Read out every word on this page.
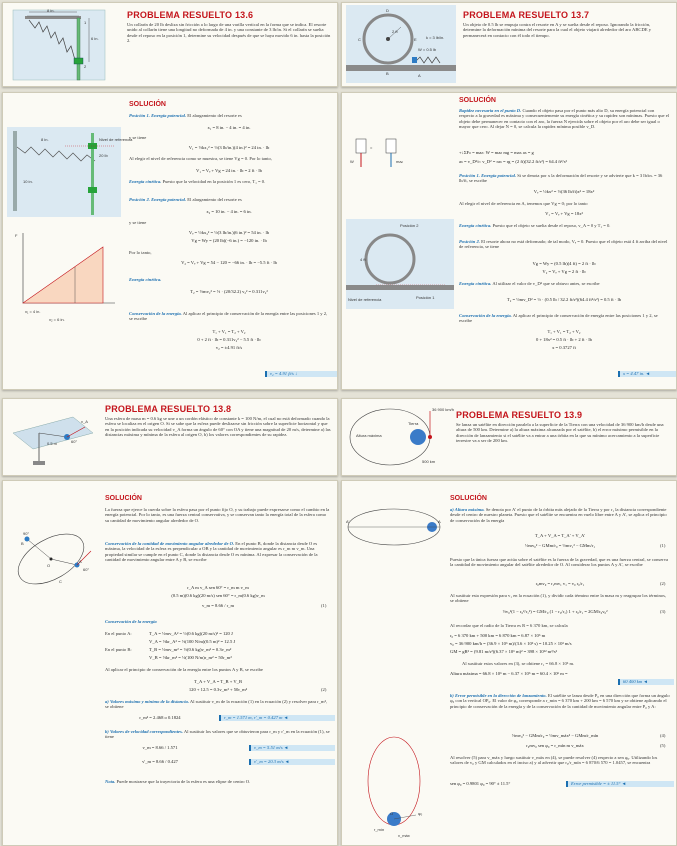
8 in.
6 in.
1
2
PROBLEMA RESUELTO 13.6
Un collarín de 20 lb desliza sin fricción a lo largo de una varilla vertical en la forma que se indica. El resorte unido al collarín tiene una longitud no deformada de 4 in. y una constante de 3 lb/in. Si el collarín se suelta desde el reposo en la posición 1, determine su velocidad después de que se haya movido 6 in. hasta la posición 2.
2 ft
k = 3 lb/in.
W = 0.5 lb
D
C
B
E
A
PROBLEMA RESUELTO 13.7
Un objeto de 0.5 lb se empuja contra el resorte en A y se suelta desde el reposo. Ignorando la fricción, determine la deformación mínima del resorte para la cual el objeto viajará alrededor del aro ABCDE y permanecerá en contacto con él todo el tiempo.
Nivel de referencia
8 in.
10 in.
20 lb
F
x₁ = 4 in.
x₂ = 6 in.
SOLUCIÓN
Posición 1. Energía potencial. El alargamiento del resorte es
x₁ = 8 in. − 4 in. = 4 in.
y se tiene
V₁ = ½kx₁² = ½(3 lb/in.)(4 in.)² = 24 in. · lb
Al elegir el nivel de referencia como se muestra, se tiene Vg = 0. Por lo tanto,
V₁ = Vₑ + Vg = 24 in. · lb = 2 ft · lb
Energía cinética. Puesto que la velocidad en la posición 1 es cero, T₁ = 0.
Posición 2. Energía potencial. El alargamiento del resorte es
x₂ = 10 in. − 4 in. = 6 in.
y se tiene
Vₑ = ½kx₂² = ½(3 lb/in.)(6 in.)² = 54 in. · lb
Vg = Wy = (20 lb)(−6 in.) = −120 in. · lb
Por lo tanto,
V₂ = Vₑ + Vg = 54 − 120 = −66 in. · lb = −5.5 ft · lb
Energía cinética.
T₂ = ½mv₂² = ½ · (20/32.2) v₂² = 0.311v₂²
Conservación de la energía. Al aplicar el principio de conservación de la energía entre las posiciones 1 y 2, se escribe
T₁ + V₁ = T₂ + V₂
0 + 2 ft · lb = 0.311v₂² − 5.5 ft · lb
v₂ = ±4.91 ft/s
v₂ = 4.91 ft/s ↓
W
=
maₙ
Posición 2
Posición 1
Nivel de referencia
4 ft
SOLUCIÓN
Rapidez necesaria en el punto D. Cuando el objeto pasa por el punto más alto D, su energía potencial con respecto a la gravedad es máxima y consecuentemente su energía cinética y su rapidez son mínimas. Puesto que el objeto debe permanecer en contacto con el aro, la fuerza N ejercida sobre el objeto por el aro debe ser igual o mayor que cero. Al dejar N = 0, se calcula la rapidez mínima posible v_D.
+↓ΣFₙ = maₙ: W = maₙ mg = maₙ aₙ = g
aₙ = v_D²/r: v_D² = raₙ = rg = (2 ft)(32.2 ft/s²) = 64.4 ft²/s²
Posición 1. Energía potencial. Si se denota por x la deformación del resorte y se advierte que k = 3 lb/in. = 36 lb/ft, se escribe
Vₑ = ½kx² = ½(36 lb/ft)x² = 18x²
Al elegir el nivel de referencia en A, tenemos que Vg = 0; por lo tanto
V₁ = Vₑ + Vg = 18x²
Energía cinética. Puesto que el objeto se suelta desde el reposo, v_A = 0 y T₁ = 0.
Posición 2. El resorte ahora no está deformado; de tal modo, Vₑ = 0. Puesto que el objeto está 4 ft arriba del nivel de referencia, se tiene
Vg = Wy = (0.5 lb)(4 ft) = 2 ft · lb
V₂ = Vₑ + Vg = 2 ft · lb
Energía cinética. Al utilizar el valor de v_D² que se obtuvo antes, se escribe
T₂ = ½mv_D² = ½ · (0.5 lb / 32.2 ft/s²)(64.4 ft²/s²) = 0.5 ft · lb
Conservación de la energía. Al aplicar el principio de conservación de energía entre las posiciones 1 y 2, se escribe
T₁ + V₁ = T₂ + V₂
0 + 18x² = 0.5 ft · lb + 2 ft · lb
x = 0.3727 ft
x = 4.47 in. ◄
0.5 m	60°
v_A
PROBLEMA RESUELTO 13.8
Una esfera de masa m = 0.6 kg se une a un cordón elástico de constante k = 100 N/m, el cual no está deformado cuando la esfera se localiza en el origen O. Si se sabe que la esfera puede deslizarse sin fricción sobre la superficie horizontal y que en la posición indicada su velocidad v_A forma un ángulo de 60° con OA y tiene una magnitud de 20 m/s, determine a) las distancias máxima y mínima de la esfera al origen O, b) los valores correspondientes de su rapidez.
36 900 km/h
Altura máxima
Tierra
500 km
PROBLEMA RESUELTO 13.9
Se lanza un satélite en dirección paralela a la superficie de la Tierra con una velocidad de 36 900 km/h desde una altura de 500 km. Determine a) la altura máxima alcanzada por el satélite, b) el error máximo permisible en la dirección de lanzamiento si el satélite va a entrar a una órbita en la que su mínimo acercamiento a la superficie terrestre va a ser de 200 km.
90°
60°
A
B
C
O
SOLUCIÓN
La fuerza que ejerce la cuerda sobre la esfera pasa por el punto fijo O, y su trabajo puede expresarse como el cambio en la energía potencial. Por lo tanto, es una fuerza central conservativa, y se conservan tanto la energía total de la esfera como su cantidad de movimiento angular alrededor de O.
Conservación de la cantidad de movimiento angular alrededor de O. En el punto B, donde la distancia desde O es máxima, la velocidad de la esfera es perpendicular a OB y la cantidad de movimiento angular es r_m m v_m. Una propiedad similar se cumple en el punto C, donde la distancia desde O es mínima. Al expresar la conservación de la cantidad de movimiento angular entre A y B, se escribe
r_A m v_A sen 60° = r_m m v_m
(0.5 m)(0.6 kg)(20 m/s) sen 60° = r_m(0.6 kg)v_m
v_m = 8.66 / r_m	(1)
Conservación de la energía
En el punto A:	T_A = ½mv_A² = ½(0.6 kg)(20 m/s)² = 120 J
V_A = ½kr_A² = ½(100 N/m)(0.5 m)² = 12.5 J
En el punto B:	T_B = ½mv_m² = ½(0.6 kg)v_m² = 0.3v_m²
V_B = ½kr_m² = ½(100 N/m)r_m² = 50r_m²
Al aplicar el principio de conservación de la energía entre los puntos A y B, se escribe
T_A + V_A = T_B + V_B
120 + 12.5 = 0.3v_m² + 50r_m²	(2)
a) Valores máximo y mínimo de la distancia. Al sustituir v_m de la ecuación (1) en la ecuación (2) y resolver para r_m², se obtiene
r_m² = 2.468 o 0.1824	r_m = 1.571 m, r'_m = 0.427 m ◄
b) Valores de velocidad correspondientes. Al sustituir los valores que se obtuvieron para r_m y r'_m en la ecuación (1), se tiene
v_m = 8.66 / 1.571	v_m = 5.51 m/s ◄
v'_m = 8.66 / 0.427	v'_m = 20.3 m/s ◄
Nota. Puede mostrarse que la trayectoria de la esfera es una elipse de centro O.
A'	A
φ₀
r_mín
v_máx
O
SOLUCIÓN
a) Altura máxima. Se denota por A' el punto de la órbita más alejado de la Tierra y por r₁ la distancia correspondiente desde el centro de nuestro planeta. Puesto que el satélite se encuentra en vuelo libre entre A y A', se aplica el principio de conservación de la energía
T_A + V_A = T_A' + V_A'
½mv₀² − GMm/r₀ = ½mv₁² − GMm/r₁	(1)
Puesto que la única fuerza que actúa sobre el satélite es la fuerza de la gravedad, que es una fuerza central, se conserva la cantidad de movimiento angular del satélite alrededor de O. Al considerar los puntos A y A', se escribe
r₀mv₀ = r₁mv₁ v₁ = v₀ r₀/r₁	(2)
Al sustituir esta expresión para v₁ en la ecuación (1), y dividir cada término entre la masa m y reagrupar los términos, se obtiene
½v₀²(1 − r₀²/r₁²) = GM/r₀ (1 − r₀/r₁) 1 + r₀/r₁ = 2GM/r₀v₀²	(3)
Al recordar que el radio de la Tierra es R = 6 370 km, se calcula
r₀ = 6 370 km + 500 km = 6 870 km = 6.87 × 10⁶ m
v₀ = 36 900 km/h = (36.9 × 10⁶ m)/(3.6 × 10³ s) = 10.25 × 10³ m/s
GM = gR² = (9.81 m/s²)(6.37 × 10⁶ m)² = 398 × 10¹² m³/s²
Al sustituir estos valores en (3), se obtiene r₁ = 66.8 × 10⁶ m.
Altura máxima = 66.8 × 10⁶ m − 6.37 × 10⁶ m = 60.4 × 10⁶ m =
60 400 km ◄
b) Error permisible en la dirección de lanzamiento. El satélite se lanza desde P₀ en una dirección que forma un ángulo φ₀ con la vertical OP₀. El valor de φ₀ corresponde a r_min = 6 370 km + 200 km = 6 570 km y se obtiene aplicando el principio de conservación de la energía y de la conservación de la cantidad de movimiento angular entre P₀ y A:
½mv₀² − GMm/r₀ = ½mv_máx² − GMm/r_mín	(4)
r₀mv₀ sen φ₀ = r_mín m v_máx	(5)
Al resolver (5) para v_máx y luego sustituir v_máx en (4), se puede resolver (4) respecto a sen φ₀. Utilizando los valores de v₀ y GM calculados en el inciso a) y al advertir que r₀/r_mín = 6 870/6 570 = 1.0457, se encuentra
sen φ₀ = 0.9801 φ₀ = 90° ± 11.5°	Error permisible = ± 11.5° ◄
